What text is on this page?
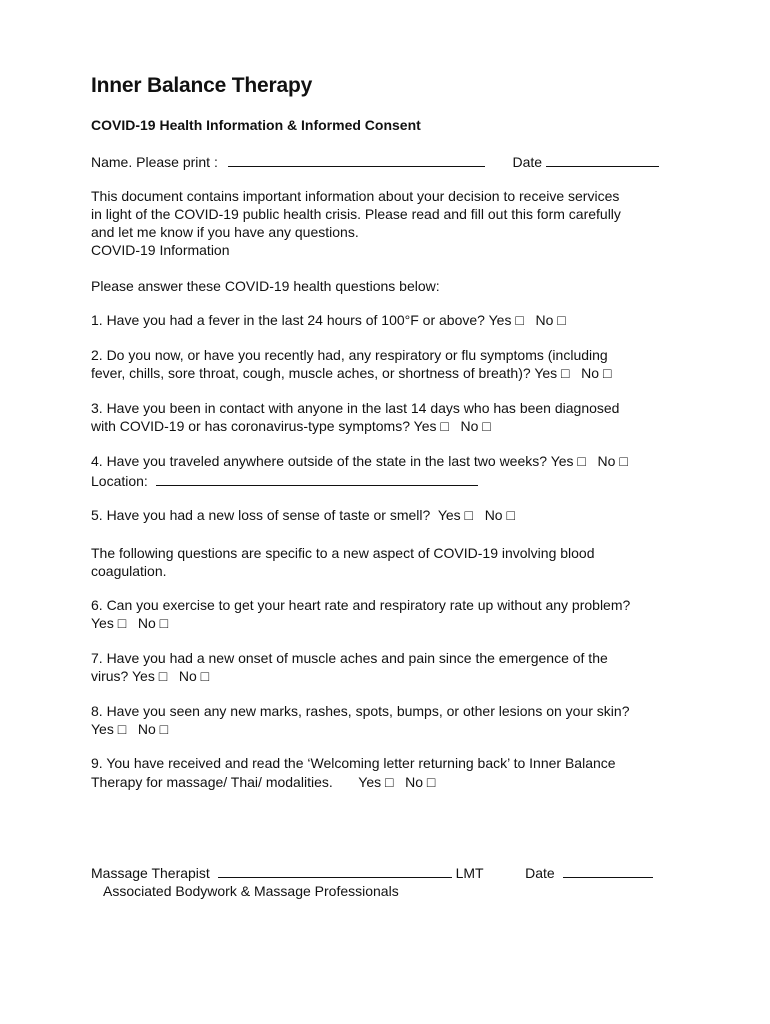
Inner Balance Therapy
COVID-19 Health Information & Informed Consent
Name. Please print :	Date
This document contains important information about your decision to receive services
in light of the COVID-19 public health crisis. Please read and fill out this form carefully
and let me know if you have any questions.
COVID-19 Information
Please answer these COVID-19 health questions below:
1. Have you had a fever in the last 24 hours of 100°F or above? Yes □ No □
2. Do you now, or have you recently had, any respiratory or flu symptoms (including
fever, chills, sore throat, cough, muscle aches, or shortness of breath)? Yes □ No □
3. Have you been in contact with anyone in the last 14 days who has been diagnosed
with COVID-19 or has coronavirus-type symptoms? Yes □ No □
4. Have you traveled anywhere outside of the state in the last two weeks? Yes □ No □
Location:
5. Have you had a new loss of sense of taste or smell? Yes □ No □
The following questions are specific to a new aspect of COVID-19 involving blood
coagulation.
6. Can you exercise to get your heart rate and respiratory rate up without any problem?
Yes □ No □
7. Have you had a new onset of muscle aches and pain since the emergence of the
virus? Yes □ No □
8. Have you seen any new marks, rashes, spots, bumps, or other lesions on your skin?
Yes □ No □
9. You have received and read the ‘Welcoming letter returning back’ to Inner Balance
Therapy for massage/ Thai/ modalities. Yes □ No □
Massage Therapist	LMT	Date
Associated Bodywork & Massage Professionals
